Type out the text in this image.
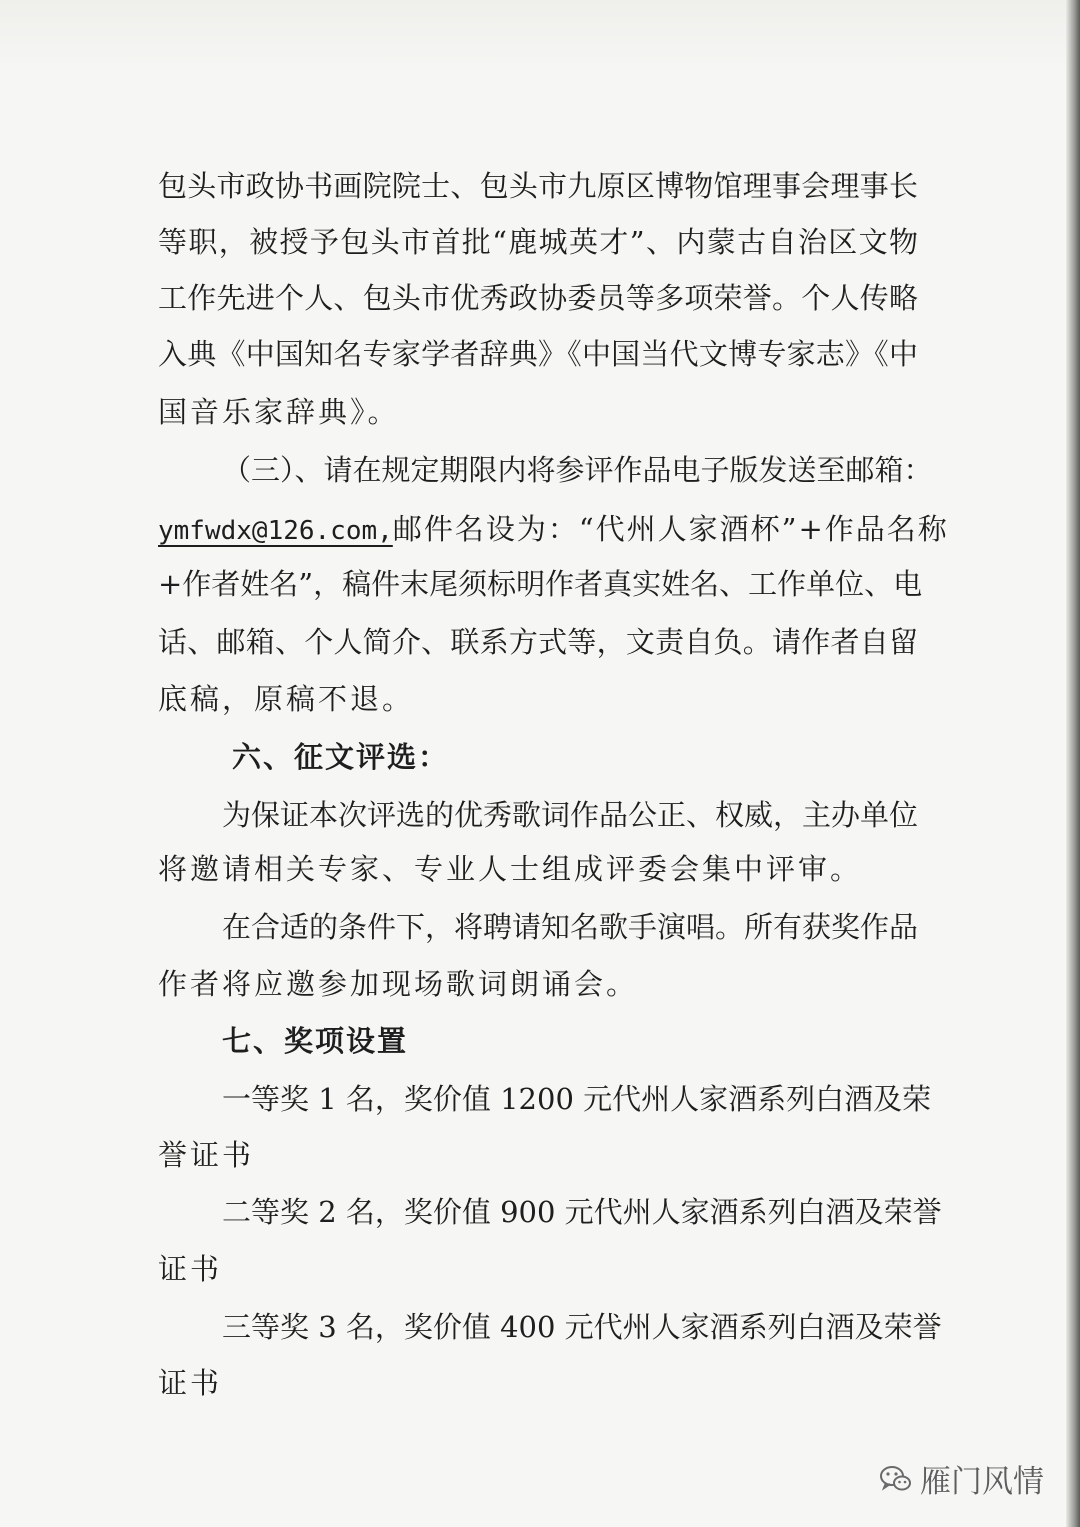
包头市政协书画院院士、包头市九原区博物馆理事会理事长
等职，被授予包头市首批“鹿城英才”、内蒙古自治区文物
工作先进个人、包头市优秀政协委员等多项荣誉。个人传略
入典《中国知名专家学者辞典》《中国当代文博专家志》《中
国音乐家辞典》。
（三）、请在规定期限内将参评作品电子版发送至邮箱：
ymfwdx@126.com,邮件名设为：“代州人家酒杯”+作品名称
+作者姓名”，稿件末尾须标明作者真实姓名、工作单位、电
话、邮箱、个人简介、联系方式等，文责自负。请作者自留
底稿，原稿不退。
六、征文评选：
为保证本次评选的优秀歌词作品公正、权威，主办单位
将邀请相关专家、专业人士组成评委会集中评审。
在合适的条件下，将聘请知名歌手演唱。所有获奖作品
作者将应邀参加现场歌词朗诵会。
七、奖项设置
一等奖 1 名，奖价值 1200 元代州人家酒系列白酒及荣
誉证书
二等奖 2 名，奖价值 900 元代州人家酒系列白酒及荣誉
证书
三等奖 3 名，奖价值 400 元代州人家酒系列白酒及荣誉
证书
雁门风情
